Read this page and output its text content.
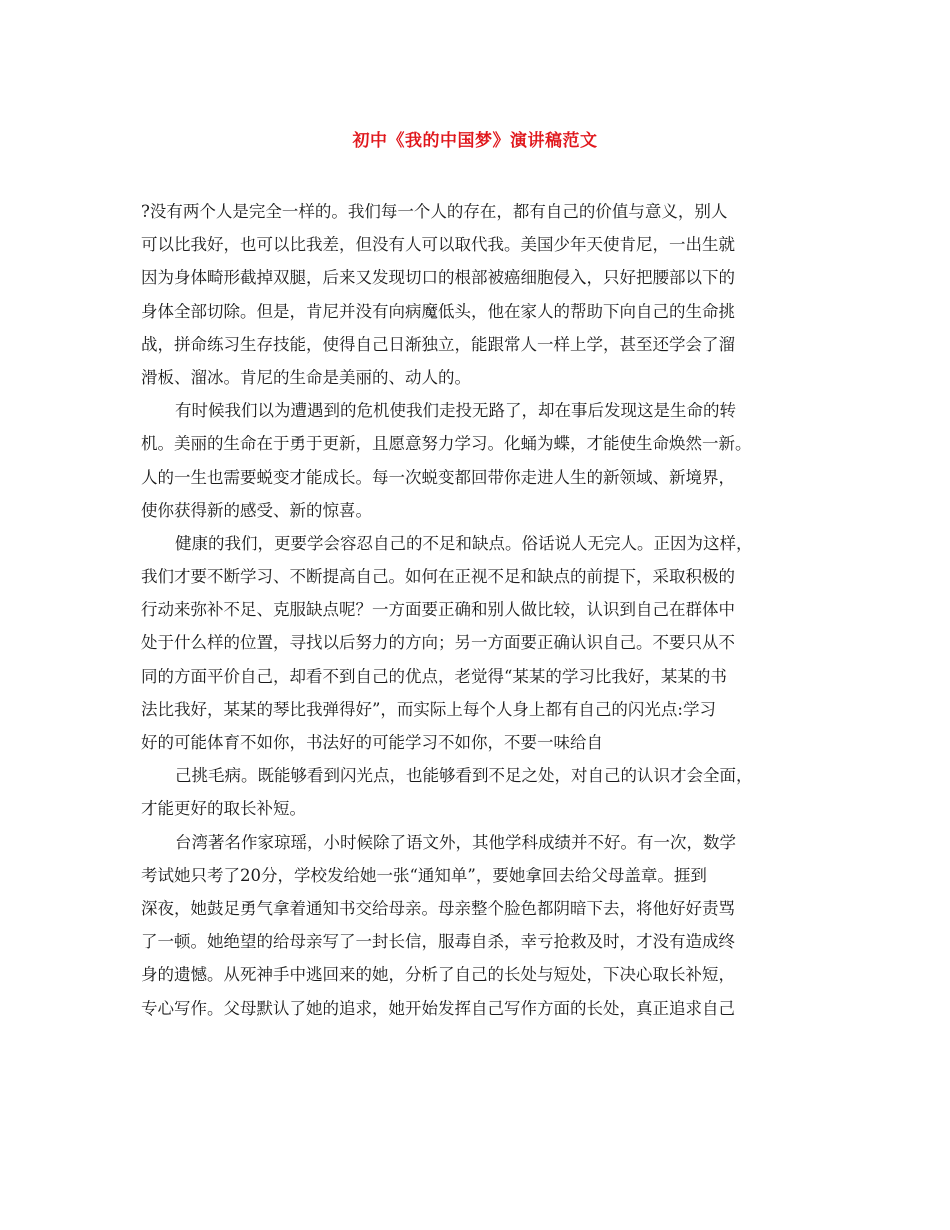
初中《我的中国梦》演讲稿范文
?没有两个人是完全一样的。我们每一个人的存在，都有自己的价值与意义，别人
可以比我好，也可以比我差，但没有人可以取代我。美国少年天使肯尼，一出生就
因为身体畸形截掉双腿，后来又发现切口的根部被癌细胞侵入，只好把腰部以下的
身体全部切除。但是，肯尼并没有向病魔低头，他在家人的帮助下向自己的生命挑
战，拼命练习生存技能，使得自己日渐独立，能跟常人一样上学，甚至还学会了溜
滑板、溜冰。肯尼的生命是美丽的、动人的。
有时候我们以为遭遇到的危机使我们走投无路了，却在事后发现这是生命的转
机。美丽的生命在于勇于更新，且愿意努力学习。化蛹为蝶，才能使生命焕然一新。
人的一生也需要蜕变才能成长。每一次蜕变都回带你走进人生的新领域、新境界，
使你获得新的感受、新的惊喜。
健康的我们，更要学会容忍自己的不足和缺点。俗话说人无完人。正因为这样，
我们才要不断学习、不断提高自己。如何在正视不足和缺点的前提下，采取积极的
行动来弥补不足、克服缺点呢？一方面要正确和别人做比较，认识到自己在群体中
处于什么样的位置，寻找以后努力的方向；另一方面要正确认识自己。不要只从不
同的方面平价自己，却看不到自己的优点，老觉得“某某的学习比我好，某某的书
法比我好，某某的琴比我弹得好”，而实际上每个人身上都有自己的闪光点:学习
好的可能体育不如你，书法好的可能学习不如你，不要一味给自
己挑毛病。既能够看到闪光点，也能够看到不足之处，对自己的认识才会全面，
才能更好的取长补短。
台湾著名作家琼瑶，小时候除了语文外，其他学科成绩并不好。有一次，数学
考试她只考了20分，学校发给她一张“通知单”，要她拿回去给父母盖章。捱到
深夜，她鼓足勇气拿着通知书交给母亲。母亲整个脸色都阴暗下去，将他好好责骂
了一顿。她绝望的给母亲写了一封长信，服毒自杀，幸亏抢救及时，才没有造成终
身的遗憾。从死神手中逃回来的她，分析了自己的长处与短处，下决心取长补短，
专心写作。父母默认了她的追求，她开始发挥自己写作方面的长处，真正追求自己
